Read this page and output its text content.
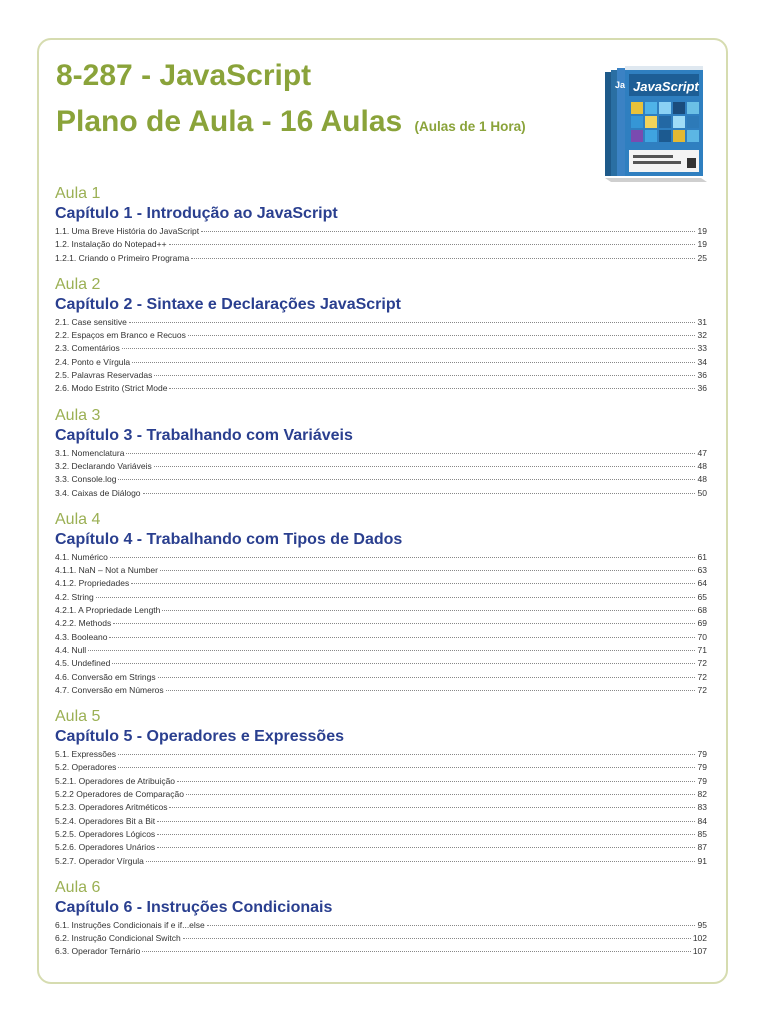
8-287 - JavaScript
Plano de Aula - 16 Aulas (Aulas de 1 Hora)
JavaScript
Ja

Aula 1

Capítulo 1 - Introdução ao JavaScript

1.1. Uma Breve História do JavaScript	19
1.2. Instalação do Notepad++	19
1.2.1. Criando o Primeiro Programa	25

Aula 2

Capítulo 2 - Sintaxe e Declarações JavaScript

2.1. Case sensitive	31
2.2. Espaços em Branco e Recuos	32
2.3. Comentários	33
2.4. Ponto e Vírgula	34
2.5. Palavras Reservadas	36
2.6. Modo Estrito (Strict Mode	36

Aula 3

Capítulo 3 - Trabalhando com Variáveis

3.1. Nomenclatura	47
3.2. Declarando Variáveis	48
3.3. Console.log	48
3.4. Caixas de Diálogo	50

Aula 4

Capítulo 4 - Trabalhando com Tipos de Dados

4.1. Numérico	61
4.1.1. NaN – Not a Number	63
4.1.2. Propriedades	64
4.2. String	65
4.2.1. A Propriedade Length	68
4.2.2. Methods	69
4.3. Booleano	70
4.4. Null	71
4.5. Undefined	72
4.6. Conversão em Strings	72
4.7. Conversão em Números	72

Aula 5

Capítulo 5 - Operadores e Expressões

5.1. Expressões	79
5.2. Operadores	79
5.2.1. Operadores de Atribuição	79
5.2.2 Operadores de Comparação	82
5.2.3. Operadores Aritméticos	83
5.2.4. Operadores Bit a Bit	84
5.2.5. Operadores Lógicos	85
5.2.6. Operadores Unários	87
5.2.7. Operador Vírgula	91

Aula 6

Capítulo 6 - Instruções Condicionais

6.1. Instruções Condicionais if e if...else	95
6.2. Instrução Condicional Switch	102
6.3. Operador Ternário	107
